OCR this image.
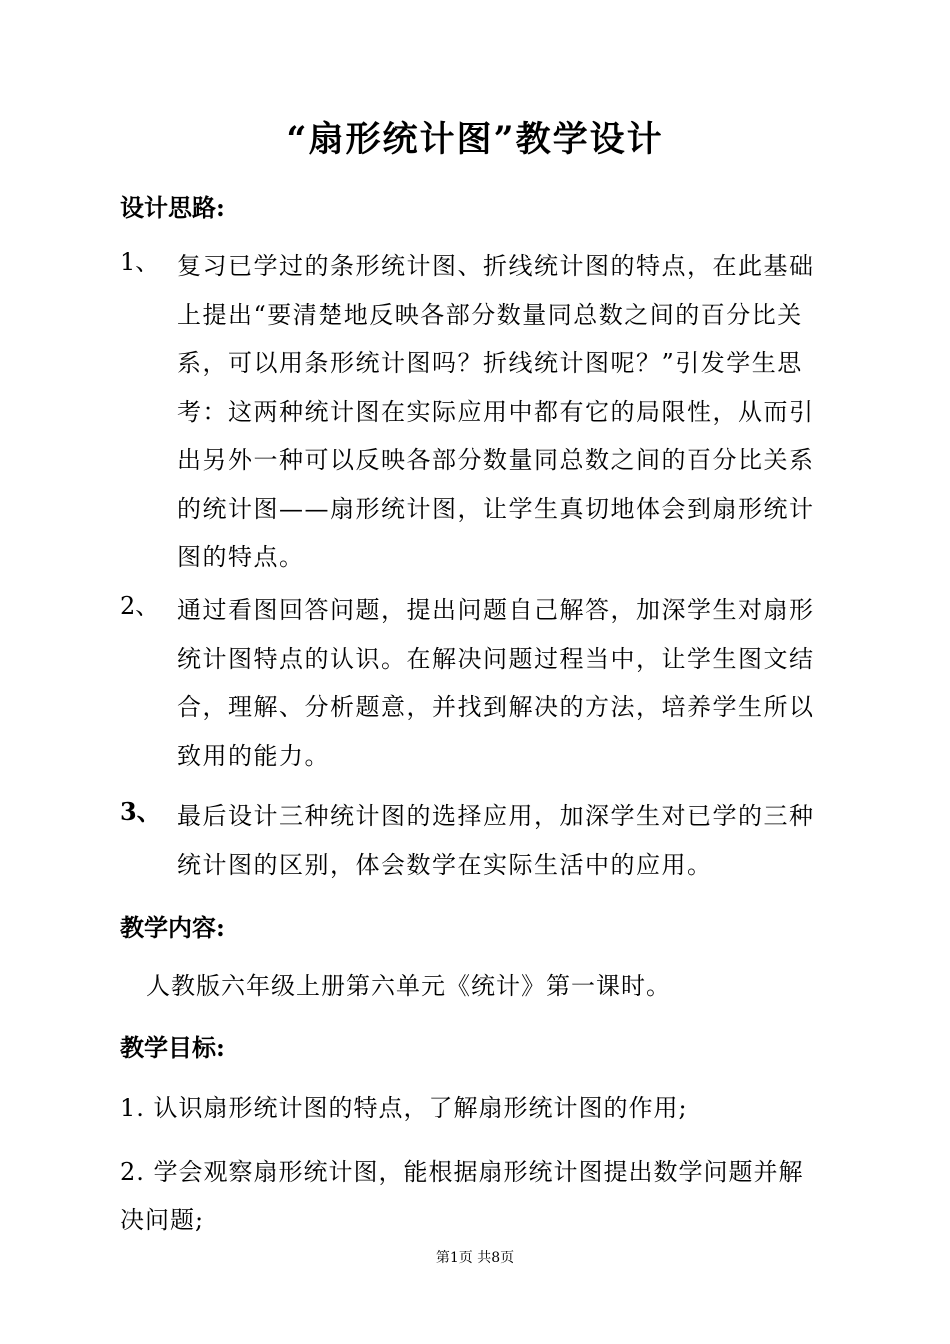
“扇形统计图”教学设计
设计思路:
1、 复习已学过的条形统计图、折线统计图的特点，在此基础上提出“要清楚地反映各部分数量同总数之间的百分比关系，可以用条形统计图吗？折线统计图呢？”引发学生思考：这两种统计图在实际应用中都有它的局限性，从而引出另外一种可以反映各部分数量同总数之间的百分比关系的统计图——扇形统计图，让学生真切地体会到扇形统计图的特点。
2、 通过看图回答问题，提出问题自己解答，加深学生对扇形统计图特点的认识。在解决问题过程当中，让学生图文结合，理解、分析题意，并找到解决的方法，培养学生所以致用的能力。
3、 最后设计三种统计图的选择应用，加深学生对已学的三种统计图的区别，体会数学在实际生活中的应用。
教学内容:
人教版六年级上册第六单元《统计》第一课时。
教学目标:
1. 认识扇形统计图的特点，了解扇形统计图的作用;
2. 学会观察扇形统计图，能根据扇形统计图提出数学问题并解决问题;
第1页 共8页
